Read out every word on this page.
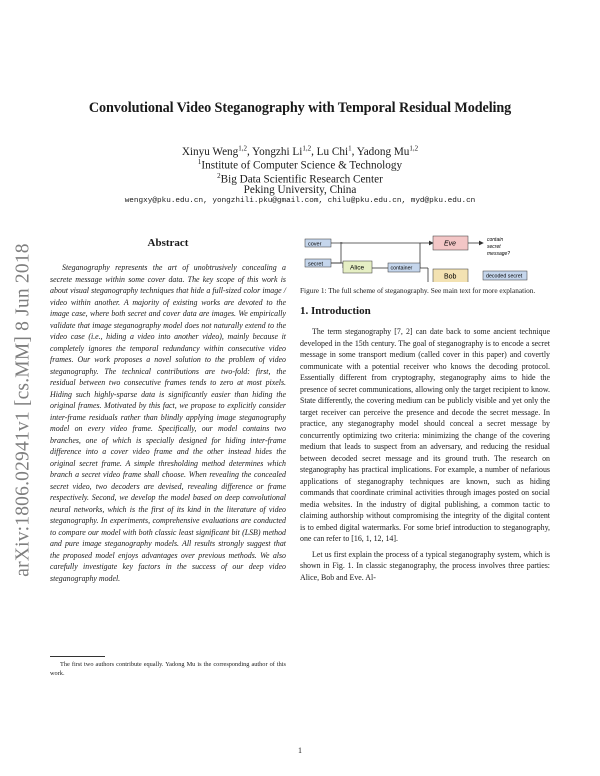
arXiv:1806.02941v1 [cs.MM] 8 Jun 2018
Convolutional Video Steganography with Temporal Residual Modeling
Xinyu Weng$^{1,2}$, Yongzhi Li$^{1,2}$, Lu Chi$^1$, Yadong Mu$^{1,2}$
$^1$Institute of Computer Science & Technology
$^2$Big Data Scientific Research Center
Peking University, China
wengxy@pku.edu.cn, yongzhili.pku@gmail.com, chilu@pku.edu.cn, myd@pku.edu.cn
Abstract

Steganography represents the art of unobtrusively concealing a secrete message within some cover data. The key scope of this work is about visual steganography techniques that hide a full-sized color image / video within another. A majority of existing works are devoted to the image case, where both secret and cover data are images. We empirically validate that image steganography model does not naturally extend to the video case (i.e., hiding a video into another video), mainly because it completely ignores the temporal redundancy within consecutive video frames. Our work proposes a novel solution to the problem of video steganography. The technical contributions are two-fold: first, the residual between two consecutive frames tends to zero at most pixels. Hiding such highly-sparse data is significantly easier than hiding the original frames. Motivated by this fact, we propose to explicitly consider inter-frame residuals rather than blindly applying image steganography model on every video frame. Specifically, our model contains two branches, one of which is specially designed for hiding inter-frame difference into a cover video frame and the other instead hides the original secret frame. A simple thresholding method determines which branch a secret video frame shall choose. When revealing the concealed secret video, two decoders are devised, revealing difference or frame respectively. Second, we develop the model based on deep convolutional neural networks, which is the first of its kind in the literature of video steganography. In experiments, comprehensive evaluations are conducted to compare our model with both classic least significant bit (LSB) method and pure image steganography models. All results strongly suggest that the proposed model enjoys advantages over previous methods. We also carefully investigate key factors in the success of our deep video steganography model.

The first two authors contribute equally. Yadong Mu is the corresponding author of this work.
cover
secret
Alice	container
Eve
Bob	decoded secret
contain
secret
message?
Figure 1: The full scheme of steganography. See main text for more explanation.
1. Introduction

The term steganography [7, 2] can date back to some ancient technique developed in the 15th century. The goal of steganography is to encode a secret message in some transport medium (called cover in this paper) and covertly communicate with a potential receiver who knows the decoding protocol. Essentially different from cryptography, steganography aims to hide the presence of secret communications, allowing only the target recipient to know. State differently, the covering medium can be publicly visible and yet only the target receiver can perceive the presence and decode the secret message. In practice, any steganography model should conceal a secret message by concurrently optimizing two criteria: minimizing the change of the covering medium that leads to suspect from an adversary, and reducing the residual between decoded secret message and its ground truth. The research on steganography has practical implications. For example, a number of nefarious applications of steganography techniques are known, such as hiding commands that coordinate criminal activities through images posted on social media websites. In the industry of digital publishing, a common tactic to claiming authorship without compromising the integrity of the digital content is to embed digital watermarks. For some brief introduction to steganography, one can refer to [16, 1, 12, 14].

Let us first explain the process of a typical steganography system, which is shown in Fig. 1. In classic steganography, the process involves three parties: Alice, Bob and Eve. Al-

1
